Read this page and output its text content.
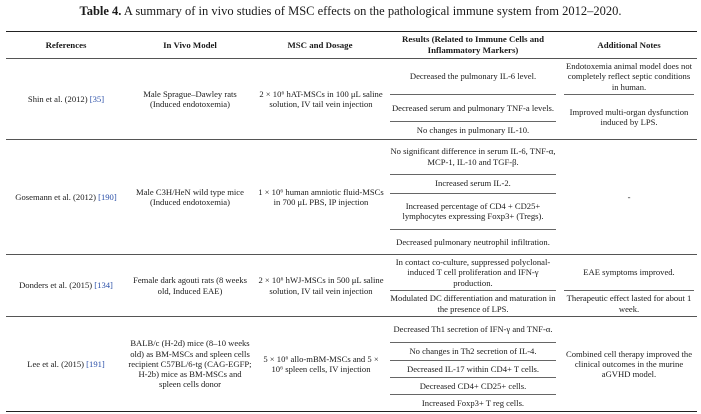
Table 4. A summary of in vivo studies of MSC effects on the pathological immune system from 2012–2020.
References	In Vivo Model	MSC and Dosage
Results (Related to Immune Cells and Inflammatory Markers)
Additional Notes
Shin et al. (2012) [35]
Male Sprague–Dawley rats (Induced endotoxemia)
2 × 10⁶ hAT-MSCs in 100 μL saline solution, IV tail vein injection
Decreased the pulmonary IL-6 level.
Decreased serum and pulmonary TNF-a levels.
No changes in pulmonary IL-10.
Endotoxemia animal model does not completely reflect septic conditions in human.
Improved multi-organ dysfunction induced by LPS.
Gosemann et al. (2012) [190]
Male C3H/HeN wild type mice (Induced endotoxemia)
1 × 10⁶ human amniotic fluid-MSCs in 700 μL PBS, IP injection
No significant difference in serum IL-6, TNF-α, MCP-1, IL-10 and TGF-β.
Increased serum IL-2.
Increased percentage of CD4 + CD25+ lymphocytes expressing Foxp3+ (Tregs).
Decreased pulmonary neutrophil infiltration.
-
Donders et al. (2015) [134]
Female dark agouti rats (8 weeks old, Induced EAE)
2 × 10⁶ hWJ-MSCs in 500 μL saline solution, IV tail vein injection
In contact co-culture, suppressed polyclonal-induced T cell proliferation and IFN-γ production.
Modulated DC differentiation and maturation in the presence of LPS.
EAE symptoms improved.
Therapeutic effect lasted for about 1 week.
Lee et al. (2015) [191]
BALB/c (H-2d) mice (8–10 weeks old) as BM-MSCs and spleen cells recipient C57BL/6-tg (CAG-EGFP; H-2b) mice as BM-MSCs and spleen cells donor
5 × 10⁶ allo-mBM-MSCs and 5 × 10⁶ spleen cells, IV injection
Decreased Th1 secretion of IFN-γ and TNF-α.
No changes in Th2 secretion of IL-4.
Decreased IL-17 within CD4+ T cells.
Decreased CD4+ CD25+ cells.
Increased Foxp3+ T reg cells.
Combined cell therapy improved the clinical outcomes in the murine aGVHD model.
